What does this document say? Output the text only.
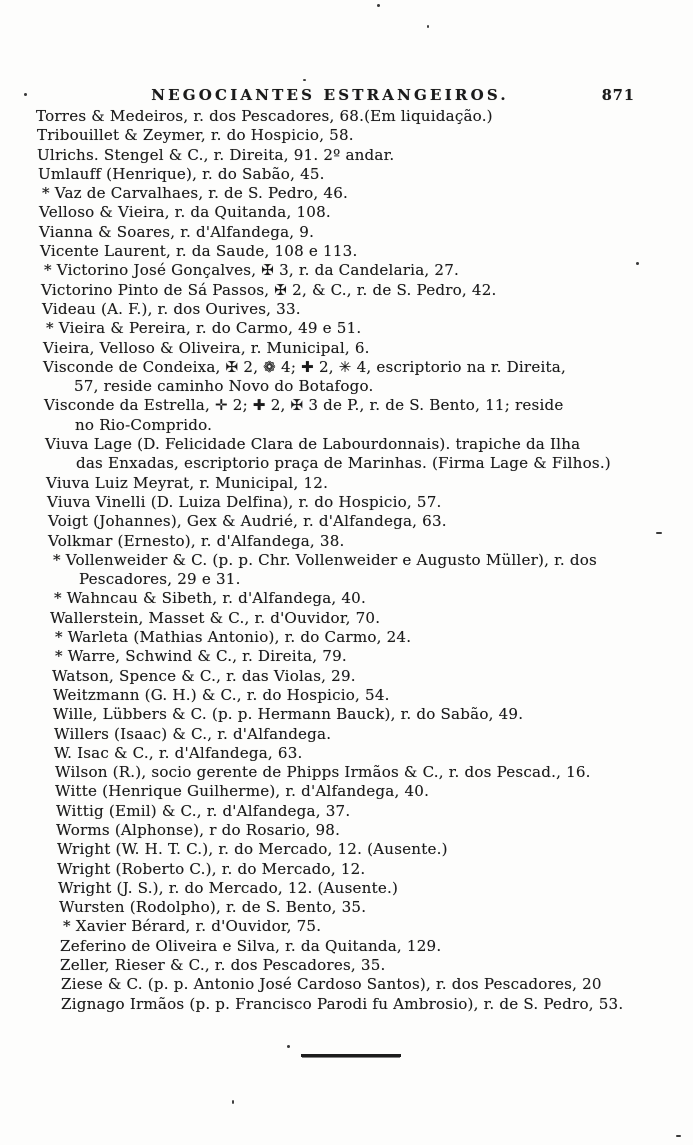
NEGOCIANTES ESTRANGEIROS.	871
Torres & Medeiros, r. dos Pescadores, 68.(Em liquidação.)
Tribouillet & Zeymer, r. do Hospicio, 58.
Ulrichs. Stengel & C., r. Direita, 91. 2º andar.
Umlauff (Henrique), r. do Sabão, 45.
* Vaz de Carvalhaes, r. de S. Pedro, 46.
Velloso & Vieira, r. da Quitanda, 108.
Vianna & Soares, r. d'Alfandega, 9.
Vicente Laurent, r. da Saude, 108 e 113.
* Victorino José Gonçalves, ✠ 3, r. da Candelaria, 27.
Victorino Pinto de Sá Passos, ✠ 2, & C., r. de S. Pedro, 42.
Videau (A. F.), r. dos Ourives, 33.
* Vieira & Pereira, r. do Carmo, 49 e 51.
Vieira, Velloso & Oliveira, r. Municipal, 6.
Visconde de Condeixa, ✠ 2, ❁ 4; ✚ 2, ✳ 4, escriptorio na r. Direita,
57, reside caminho Novo do Botafogo.
Visconde da Estrella, ✛ 2; ✚ 2, ✠ 3 de P., r. de S. Bento, 11; reside
no Rio-Comprido.
Viuva Lage (D. Felicidade Clara de Labourdonnais). trapiche da Ilha
das Enxadas, escriptorio praça de Marinhas. (Firma Lage & Filhos.)
Viuva Luiz Meyrat, r. Municipal, 12.
Viuva Vinelli (D. Luiza Delfina), r. do Hospicio, 57.
Voigt (Johannes), Gex & Audrié, r. d'Alfandega, 63.
Volkmar (Ernesto), r. d'Alfandega, 38.
* Vollenweider & C. (p. p. Chr. Vollenweider e Augusto Müller), r. dos
Pescadores, 29 e 31.
* Wahncau & Sibeth, r. d'Alfandega, 40.
Wallerstein, Masset & C., r. d'Ouvidor, 70.
* Warleta (Mathias Antonio), r. do Carmo, 24.
* Warre, Schwind & C., r. Direita, 79.
Watson, Spence & C., r. das Violas, 29.
Weitzmann (G. H.) & C., r. do Hospicio, 54.
Wille, Lübbers & C. (p. p. Hermann Bauck), r. do Sabão, 49.
Willers (Isaac) & C., r. d'Alfandega.
W. Isac & C., r. d'Alfandega, 63.
Wilson (R.), socio gerente de Phipps Irmãos & C., r. dos Pescad., 16.
Witte (Henrique Guilherme), r. d'Alfandega, 40.
Wittig (Emil) & C., r. d'Alfandega, 37.
Worms (Alphonse), r do Rosario, 98.
Wright (W. H. T. C.), r. do Mercado, 12. (Ausente.)
Wright (Roberto C.), r. do Mercado, 12.
Wright (J. S.), r. do Mercado, 12. (Ausente.)
Wursten (Rodolpho), r. de S. Bento, 35.
* Xavier Bérard, r. d'Ouvidor, 75.
Zeferino de Oliveira e Silva, r. da Quitanda, 129.
Zeller, Rieser & C., r. dos Pescadores, 35.
Ziese & C. (p. p. Antonio José Cardoso Santos), r. dos Pescadores, 20
Zignago Irmãos (p. p. Francisco Parodi fu Ambrosio), r. de S. Pedro, 53.
